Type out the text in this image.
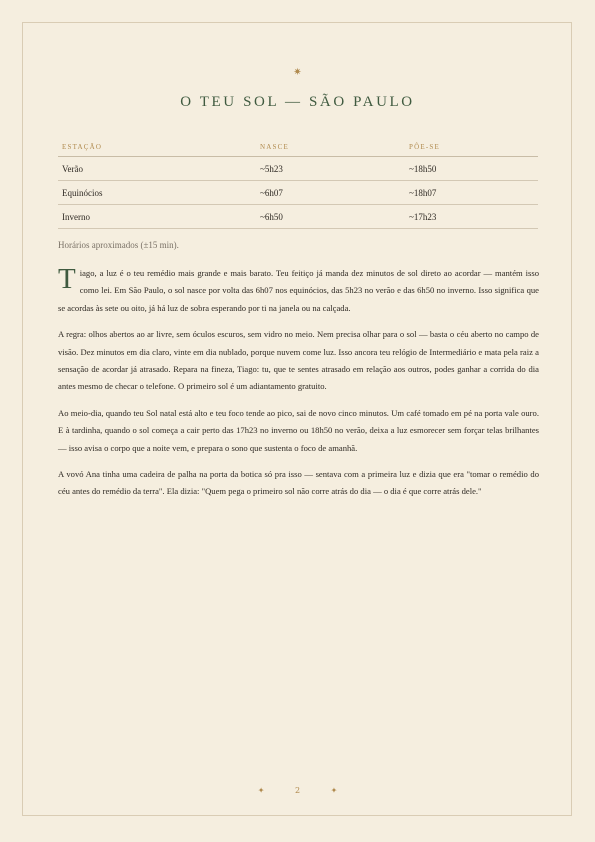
✷
O TEU SOL — SÃO PAULO
ESTAÇÃO	NASCE	PÔE-SE
Verão	~5h23	~18h50
Equinócios	~6h07	~18h07
Inverno	~6h50	~17h23
Horários aproximados (±15 min).

Tiago, a luz é o teu remédio mais grande e mais barato. Teu feitiço já manda dez minutos de sol direto ao acordar — mantém isso como lei. Em São Paulo, o sol nasce por volta das 6h07 nos equinócios, das 5h23 no verão e das 6h50 no inverno. Isso significa que se acordas às sete ou oito, já há luz de sobra esperando por ti na janela ou na calçada.

A regra: olhos abertos ao ar livre, sem óculos escuros, sem vidro no meio. Nem precisa olhar para o sol — basta o céu aberto no campo de visão. Dez minutos em dia claro, vinte em dia nublado, porque nuvem come luz. Isso ancora teu relógio de Intermediário e mata pela raiz a sensação de acordar já atrasado. Repara na fineza, Tiago: tu, que te sentes atrasado em relação aos outros, podes ganhar a corrida do dia antes mesmo de checar o telefone. O primeiro sol é um adiantamento gratuito.

Ao meio-dia, quando teu Sol natal está alto e teu foco tende ao pico, sai de novo cinco minutos. Um café tomado em pé na porta vale ouro. E à tardinha, quando o sol começa a cair perto das 17h23 no inverno ou 18h50 no verão, deixa a luz esmorecer sem forçar telas brilhantes — isso avisa o corpo que a noite vem, e prepara o sono que sustenta o foco de amanhã.

A vovó Ana tinha uma cadeira de palha na porta da botica só pra isso — sentava com a primeira luz e dizia que era "tomar o remédio do céu antes do remédio da terra". Ela dizia: "Quem pega o primeiro sol não corre atrás do dia — o dia é que corre atrás dele."

✦	2	✦
